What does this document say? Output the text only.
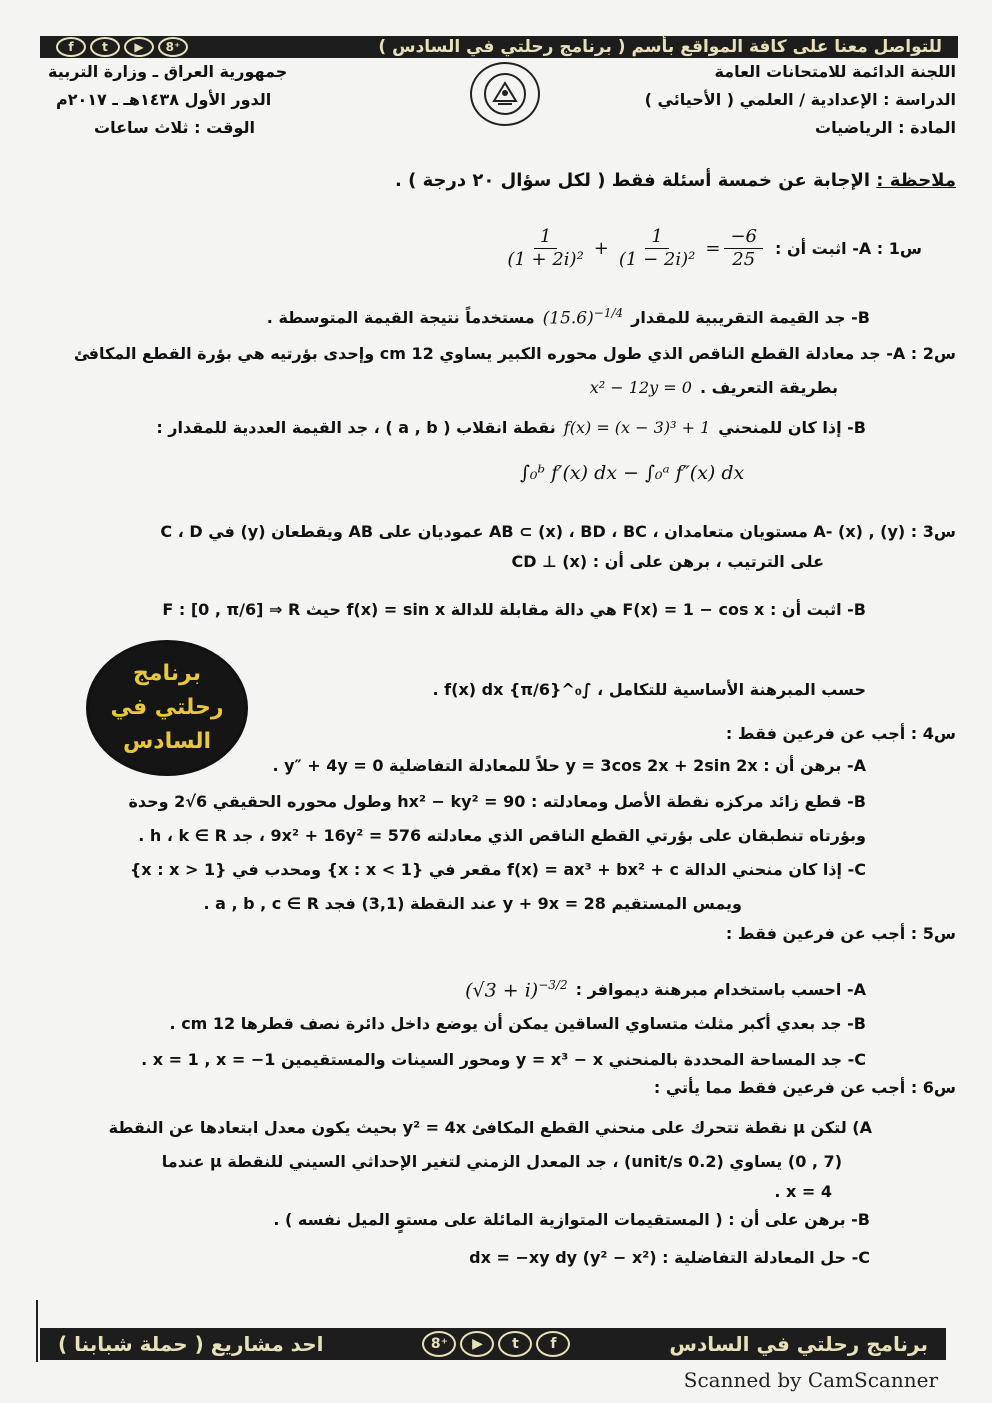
f	t	▶	8⁺	للتواصل معنا على كافة المواقع بأسم ( برنامج رحلتي في السادس )
اللجنة الدائمة للامتحانات العامة
الدراسة : الإعدادية / العلمي ( الأحيائي )
المادة : الرياضيات
جمهورية العراق ـ وزارة التربية
الدور الأول ١٤٣٨هـ ـ ٢٠١٧م
الوقت : ثلاث ساعات
ملاحظة : الإجابة عن خمسة أسئلة فقط ( لكل سؤال ٢٠ درجة ) .
س1 : A- اثبت أن :
$\frac{1}{\text{(1 + 2i)²}} + \frac{1}{\text{(1 − 2i)²}} = \frac{-6}{25}$
B- جد القيمة التقريبية للمقدار
$(15.6)^{-1/4}$
مستخدماً نتيجة القيمة المتوسطة .
س2 : A- جد معادلة القطع الناقص الذي طول محوره الكبير يساوي 12 cm وإحدى بؤرتيه هي بؤرة القطع المكافئ
بطريقة التعريف .
x² − 12y = 0
B- إذا كان للمنحني
f(x) = (x − 3)³ + 1
نقطة انقلاب ( a , b ) ، جد القيمة العددية للمقدار :
∫₀ᵇ f′(x) dx − ∫₀ᵃ f″(x) dx
س3 : A- (x) , (y) مستويان متعامدان ، AB ⊂ (x) ، BD ، BC عموديان على AB ويقطعان (y) في C ، D
على الترتيب ، برهن على أن : CD ⊥ (x)
B- اثبت أن : F(x) = 1 − cos x هي دالة مقابلة للدالة f(x) = sin x حيث F : [0 , π/6] ⇒ R
حسب المبرهنة الأساسية للتكامل ، ∫₀^{π/6} f(x) dx .
برنامج
رحلتي في
السادس	س4 : أجب عن فرعين فقط :
A- برهن أن : y = 3cos 2x + 2sin 2x حلاً للمعادلة التفاضلية y″ + 4y = 0 .
B- قطع زائد مركزه نقطة الأصل ومعادلته : hx² − ky² = 90 وطول محوره الحقيقي 6√2 وحدة
وبؤرتاه تنطبقان على بؤرتي القطع الناقص الذي معادلته 9x² + 16y² = 576 ، جد h ، k ∈ R .
C- إذا كان منحني الدالة f(x) = ax³ + bx² + c مقعر في {x : x < 1} ومحدب في {x : x > 1}
ويمس المستقيم y + 9x = 28 عند النقطة (3,1) فجد a , b , c ∈ R .
س5 : أجب عن فرعين فقط :
A- احسب باستخدام مبرهنة ديموافر :
$(√3 + i)^{-3/2}$
B- جد بعدي أكبر مثلث متساوي الساقين يمكن أن يوضع داخل دائرة نصف قطرها 12 cm .
C- جد المساحة المحددة بالمنحني y = x³ − x ومحور السينات والمستقيمين x = 1 , x = −1 .
س6 : أجب عن فرعين فقط مما يأتي :
A) لتكن μ نقطة تتحرك على منحني القطع المكافئ y² = 4x بحيث يكون معدل ابتعادها عن النقطة
(7 , 0) يساوي (0.2 unit/s) ، جد المعدل الزمني لتغير الإحداثي السيني للنقطة μ عندما
x = 4 .
B- برهن على أن : ( المستقيمات المتوازية المائلة على مستوٍ الميل نفسه ) .
C- حل المعادلة التفاضلية : (y² − x²) dx = −xy dy
احد مشاريع ( حملة شبابنا )	8⁺	▶	t	f	برنامج رحلتي في السادس
Scanned by CamScanner
